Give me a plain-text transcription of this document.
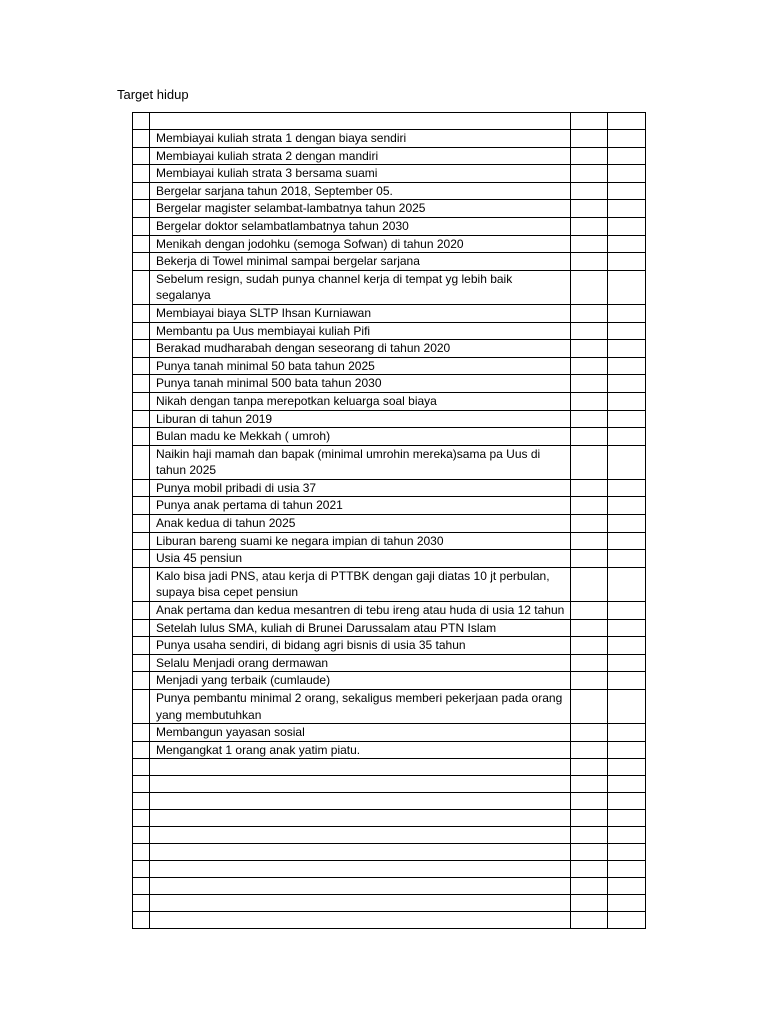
Target hidup

	Membiayai kuliah strata 1 dengan biaya sendiri		
	Membiayai kuliah strata 2 dengan mandiri		
	Membiayai kuliah strata 3 bersama suami		
	Bergelar sarjana tahun 2018, September 05.		
	Bergelar magister selambat-lambatnya tahun 2025		
	Bergelar doktor selambatlambatnya tahun 2030		
	Menikah dengan jodohku (semoga Sofwan) di tahun 2020		
	Bekerja di Towel minimal sampai bergelar sarjana		
	Sebelum resign, sudah punya channel kerja di tempat yg lebih baik segalanya		
	Membiayai biaya SLTP Ihsan Kurniawan		
	Membantu pa Uus membiayai kuliah Pifi		
	Berakad mudharabah dengan seseorang di tahun 2020		
	Punya tanah minimal 50 bata tahun 2025		
	Punya tanah minimal 500 bata tahun 2030		
	Nikah dengan tanpa merepotkan keluarga soal biaya		
	Liburan di tahun 2019		
	Bulan madu ke Mekkah ( umroh)		
	Naikin haji mamah dan bapak (minimal umrohin mereka)sama pa Uus di tahun 2025		
	Punya mobil pribadi di usia 37		
	Punya anak pertama di tahun 2021		
	Anak kedua di tahun 2025		
	Liburan bareng suami ke negara impian di tahun 2030		
	Usia 45 pensiun		
	Kalo bisa jadi PNS, atau kerja di PTTBK dengan gaji diatas 10 jt perbulan, supaya bisa cepet pensiun		
	Anak pertama dan kedua mesantren di tebu ireng atau huda di usia 12 tahun		
	Setelah lulus SMA, kuliah di Brunei Darussalam atau PTN Islam		
	Punya usaha sendiri, di bidang agri bisnis di usia 35 tahun		
	Selalu Menjadi orang dermawan		
	Menjadi yang terbaik (cumlaude)		
	Punya pembantu minimal 2 orang, sekaligus memberi pekerjaan pada orang yang membutuhkan		
	Membangun yayasan sosial		
	Mengangkat 1 orang anak yatim piatu.		
